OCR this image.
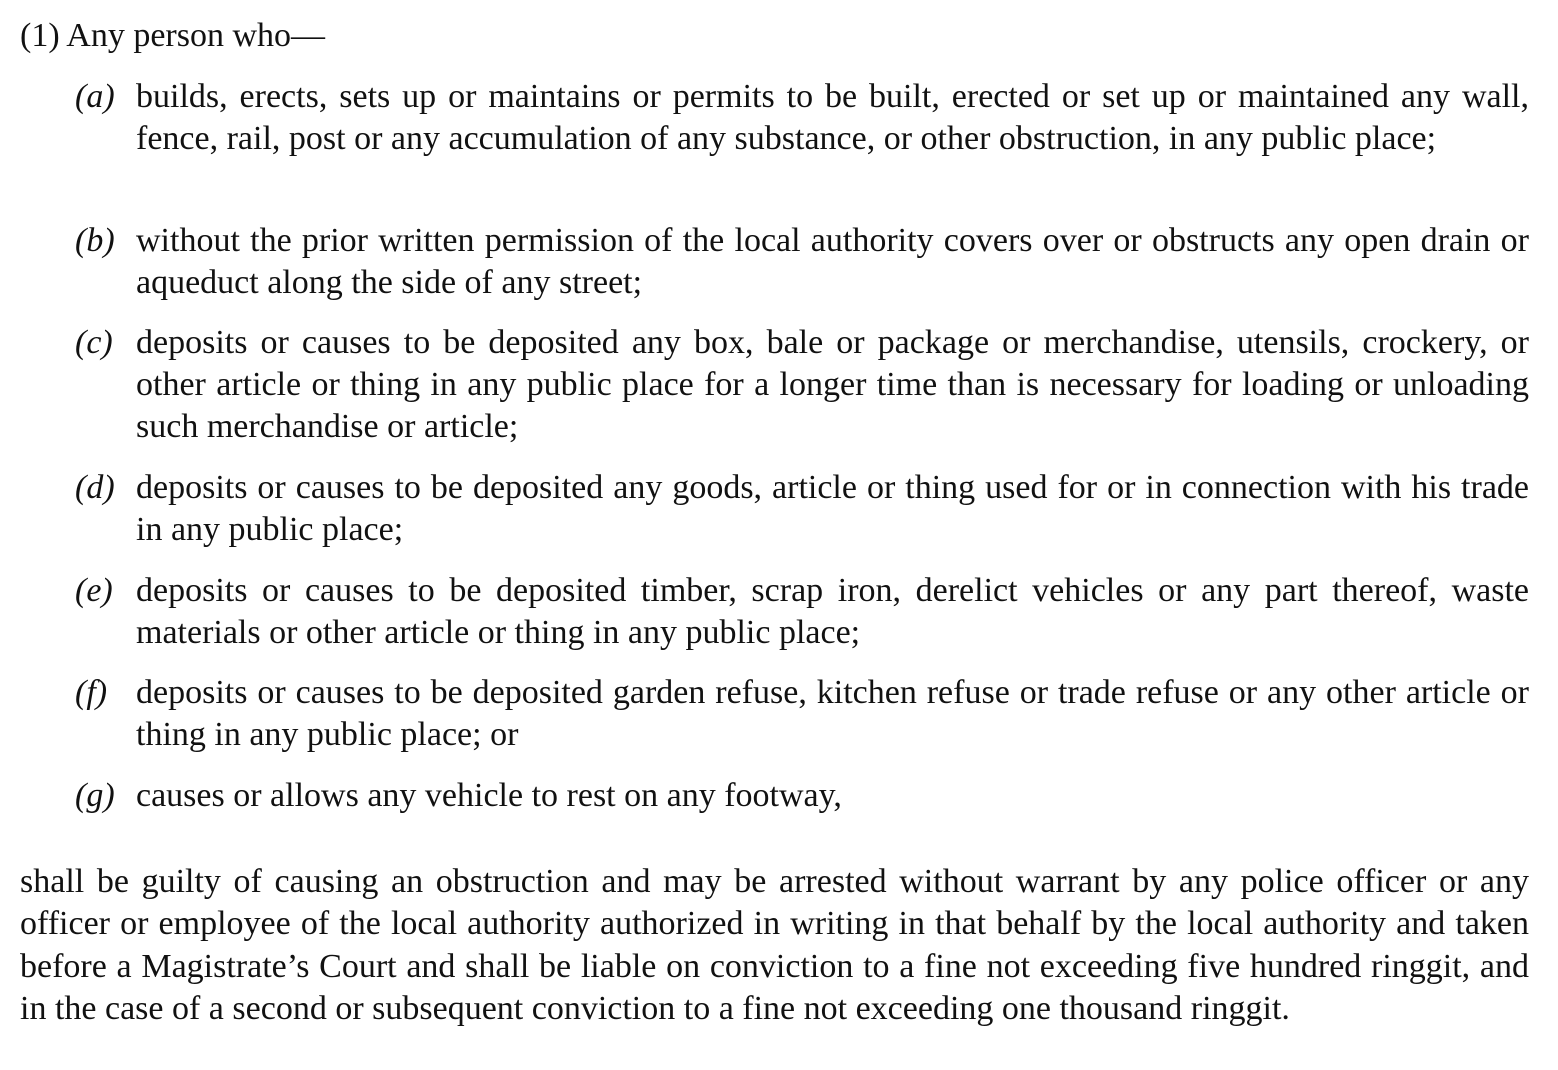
(1) Any person who—
(a) builds, erects, sets up or maintains or permits to be built, erected or set up or maintained any wall, fence, rail, post or any accumulation of any substance, or other obstruction, in any public place;
(b) without the prior written permission of the local authority covers over or obstructs any open drain or aqueduct along the side of any street;
(c) deposits or causes to be deposited any box, bale or package or merchandise, utensils, crockery, or other article or thing in any public place for a longer time than is necessary for loading or unloading such merchandise or article;
(d) deposits or causes to be deposited any goods, article or thing used for or in connection with his trade in any public place;
(e) deposits or causes to be deposited timber, scrap iron, derelict vehicles or any part thereof, waste materials or other article or thing in any public place;
(f) deposits or causes to be deposited garden refuse, kitchen refuse or trade refuse or any other article or thing in any public place; or
(g) causes or allows any vehicle to rest on any footway,
shall be guilty of causing an obstruction and may be arrested without warrant by any police officer or any officer or employee of the local authority authorized in writing in that behalf by the local authority and taken before a Magistrate’s Court and shall be liable on conviction to a fine not exceeding five hundred ringgit, and in the case of a second or subsequent conviction to a fine not exceeding one thousand ringgit.
